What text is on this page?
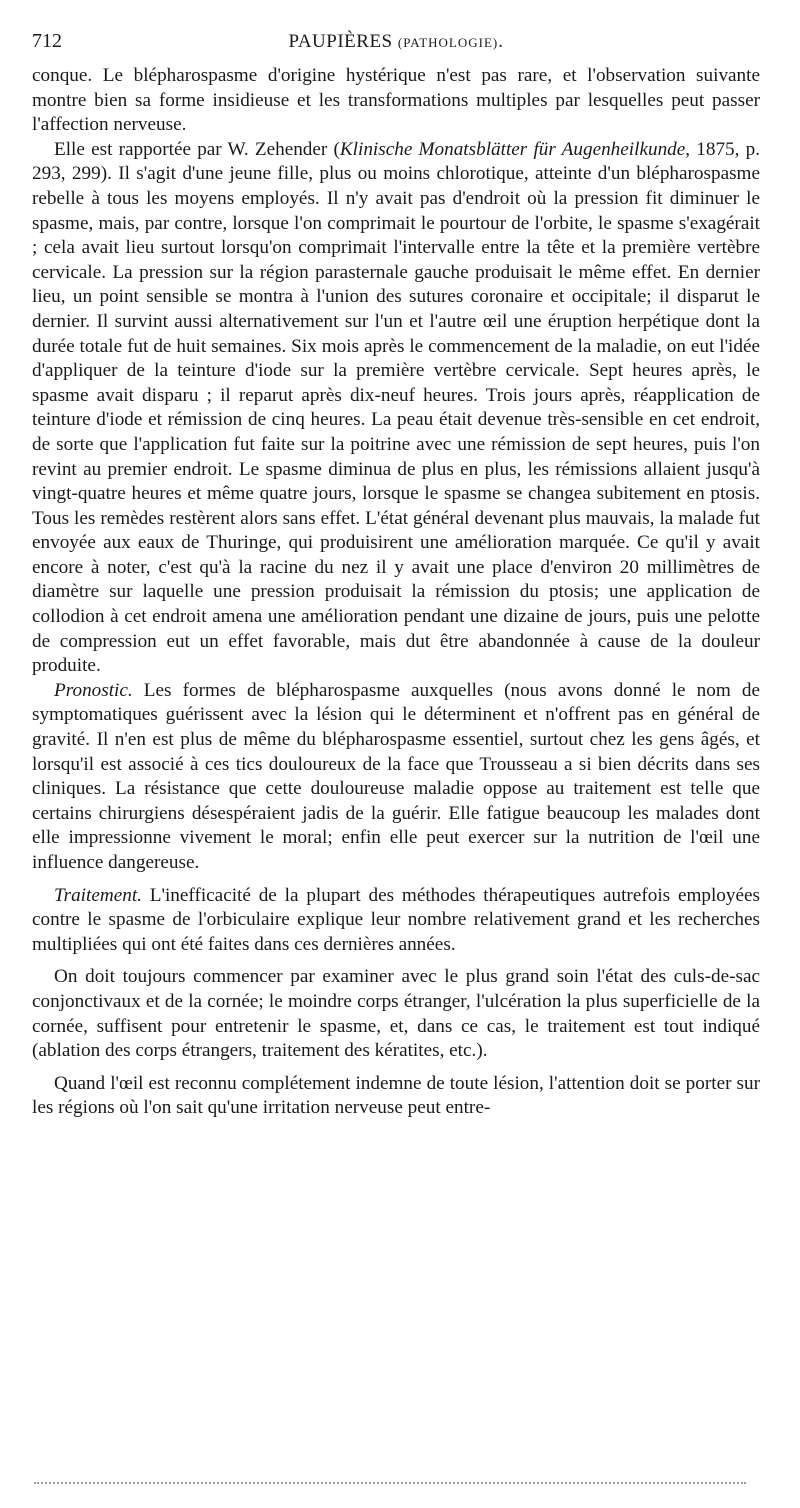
712	PAUPIÈRES (PATHOLOGIE).

conque. Le blépharospasme d'origine hystérique n'est pas rare, et l'observation suivante montre bien sa forme insidieuse et les transformations multiples par lesquelles peut passer l'affection nerveuse.

Elle est rapportée par W. Zehender (Klinische Monatsblätter für Augenheilkunde, 1875, p. 293, 299). Il s'agit d'une jeune fille, plus ou moins chlorotique, atteinte d'un blépharospasme rebelle à tous les moyens employés. Il n'y avait pas d'endroit où la pression fit diminuer le spasme, mais, par contre, lorsque l'on comprimait le pourtour de l'orbite, le spasme s'exagérait ; cela avait lieu surtout lorsqu'on comprimait l'intervalle entre la tête et la première vertèbre cervicale. La pression sur la région parasternale gauche produisait le même effet. En dernier lieu, un point sensible se montra à l'union des sutures coronaire et occipitale; il disparut le dernier. Il survint aussi alternativement sur l'un et l'autre œil une éruption herpétique dont la durée totale fut de huit semaines. Six mois après le commencement de la maladie, on eut l'idée d'appliquer de la teinture d'iode sur la première vertèbre cervicale. Sept heures après, le spasme avait disparu ; il reparut après dix-neuf heures. Trois jours après, réapplication de teinture d'iode et rémission de cinq heures. La peau était devenue très-sensible en cet endroit, de sorte que l'application fut faite sur la poitrine avec une rémission de sept heures, puis l'on revint au premier endroit. Le spasme diminua de plus en plus, les rémissions allaient jusqu'à vingt-quatre heures et même quatre jours, lorsque le spasme se changea subitement en ptosis. Tous les remèdes restèrent alors sans effet. L'état général devenant plus mauvais, la malade fut envoyée aux eaux de Thuringe, qui produisirent une amélioration marquée. Ce qu'il y avait encore à noter, c'est qu'à la racine du nez il y avait une place d'environ 20 millimètres de diamètre sur laquelle une pression produisait la rémission du ptosis; une application de collodion à cet endroit amena une amélioration pendant une dizaine de jours, puis une pelotte de compression eut un effet favorable, mais dut être abandonnée à cause de la douleur produite.

Pronostic. Les formes de blépharospasme auxquelles (nous avons donné le nom de symptomatiques guérissent avec la lésion qui le déterminent et n'offrent pas en général de gravité. Il n'en est plus de même du blépharospasme essentiel, surtout chez les gens âgés, et lorsqu'il est associé à ces tics douloureux de la face que Trousseau a si bien décrits dans ses cliniques. La résistance que cette douloureuse maladie oppose au traitement est telle que certains chirurgiens désespéraient jadis de la guérir. Elle fatigue beaucoup les malades dont elle impressionne vivement le moral; enfin elle peut exercer sur la nutrition de l'œil une influence dangereuse.

Traitement. L'inefficacité de la plupart des méthodes thérapeutiques autrefois employées contre le spasme de l'orbiculaire explique leur nombre relativement grand et les recherches multipliées qui ont été faites dans ces dernières années.

On doit toujours commencer par examiner avec le plus grand soin l'état des culs-de-sac conjonctivaux et de la cornée; le moindre corps étranger, l'ulcération la plus superficielle de la cornée, suffisent pour entretenir le spasme, et, dans ce cas, le traitement est tout indiqué (ablation des corps étrangers, traitement des kératites, etc.).

Quand l'œil est reconnu complétement indemne de toute lésion, l'attention doit se porter sur les régions où l'on sait qu'une irritation nerveuse peut entre-
